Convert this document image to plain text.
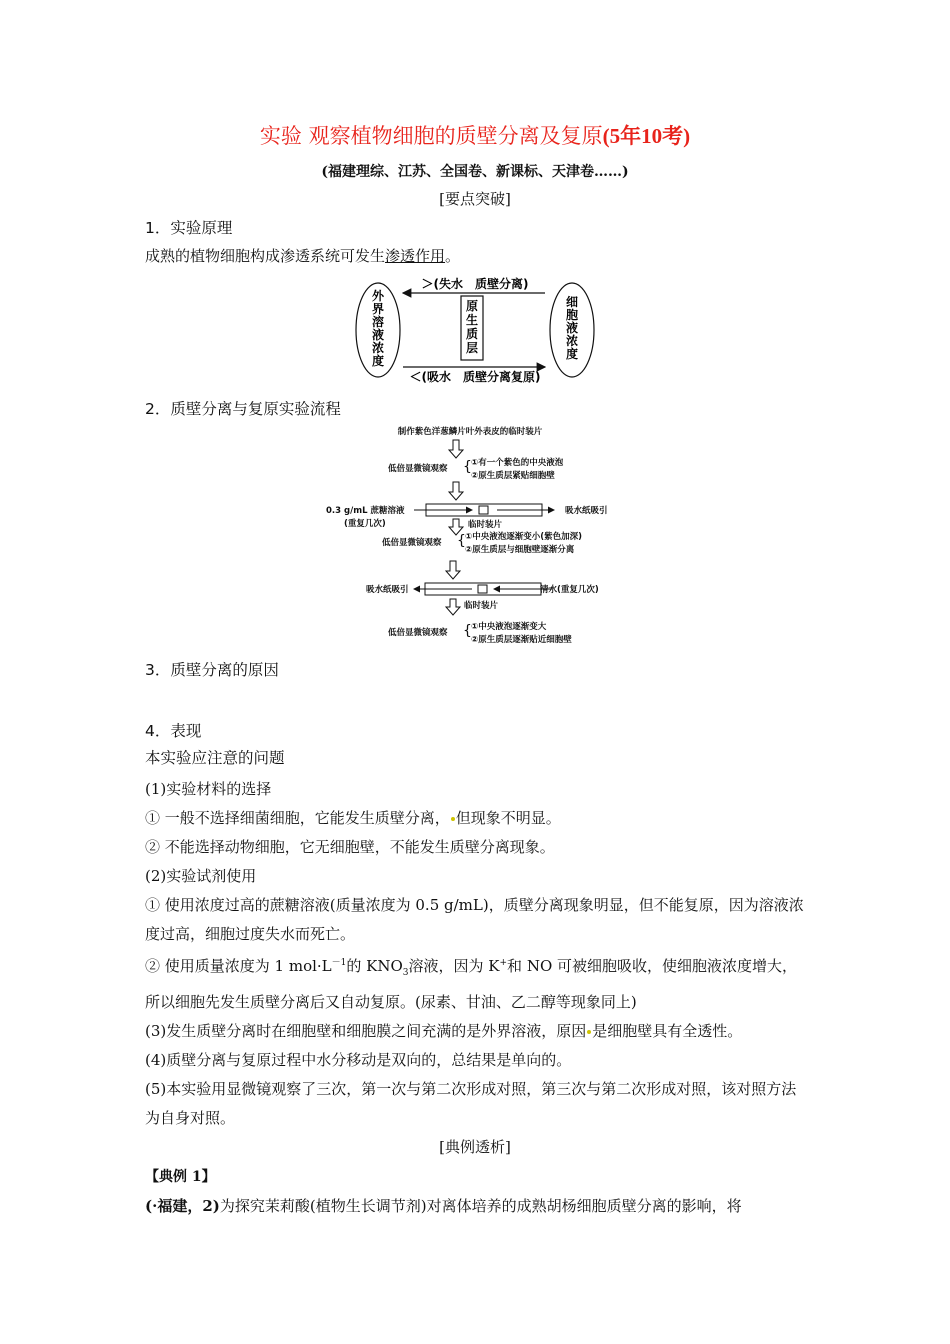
实验 观察植物细胞的质壁分离及复原(5年10考)
(福建理综、江苏、全国卷、新课标、天津卷……)
[要点突破]
1．实验原理
成熟的植物细胞构成渗透系统可发生渗透作用。
外界溶液浓度
细胞液浓度
原生质层
＞(失水　质壁分离)
＜(吸水　质壁分离复原)
2．质壁分离与复原实验流程
制作紫色洋葱鳞片叶外表皮的临时装片
低倍显微镜观察 { ①有一个紫色的中央液泡
②原生质层紧贴细胞壁
0.3 g/mL 蔗糖溶液
(重复几次)
吸水纸吸引
临时装片
低倍显微镜观察 { ①中央液泡逐渐变小(紫色加深)
②原生质层与细胞壁逐渐分离
吸水纸吸引	清水(重复几次)
临时装片
低倍显微镜观察 { ①中央液泡逐渐变大
②原生质层逐渐贴近细胞壁
3．质壁分离的原因
4．表现
本实验应注意的问题
(1)实验材料的选择
① 一般不选择细菌细胞，它能发生质壁分离， 但现象不明显。
② 不能选择动物细胞，它无细胞壁，不能发生质壁分离现象。
(2)实验试剂使用
① 使用浓度过高的蔗糖溶液(质量浓度为 0.5 g/mL)，质壁分离现象明显，但不能复原，因为溶液浓度过高，细胞过度失水而死亡。
② 使用质量浓度为 1 $mol\cdot L^{-1}$的 $KNO_3$溶液，因为 K+和 NO 可被细胞吸收，使细胞液浓度增大，所以细胞先发生质壁分离后又自动复原。(尿素、甘油、乙二醇等现象同上)
(3)发生质壁分离时在细胞壁和细胞膜之间充满的是外界溶液，原因 是细胞壁具有全透性。
(4)质壁分离与复原过程中水分移动是双向的，总结果是单向的。
(5)本实验用显微镜观察了三次，第一次与第二次形成对照，第三次与第二次形成对照，该对照方法为自身对照。
[典例透析]
【典例 1】
(·福建，2)为探究茉莉酸(植物生长调节剂)对离体培养的成熟胡杨细胞质壁分离的影响，将
